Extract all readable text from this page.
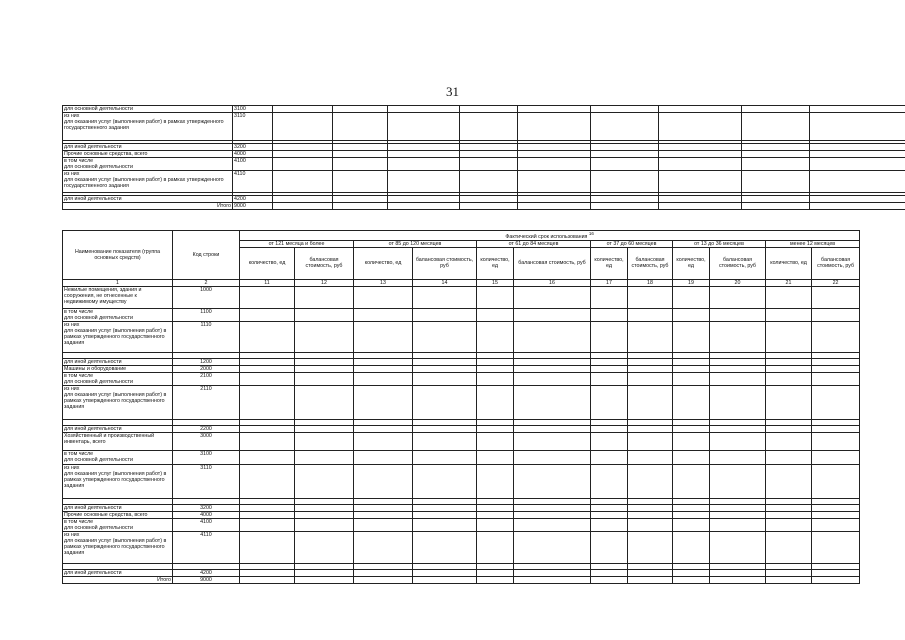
31
для основной деятельности	3100									
из них
для оказания услуг (выполнения работ) в рамках утвержденного государственного задания	3110									

для иной деятельности	3200									
Прочие основные средства, всего	4000									
в том числе
для основной деятельности	4100									
из них
для оказания услуг (выполнения работ) в рамках утвержденного государственного задания	4110									

для иной деятельности	4200									
Итого	9000									
Наименование показателя (группа основных средств)	Код строки	Фактический срок использования $^{16}$
		от 121 месяца и более		от 85 до 120 месяцев		от 61 до 84 месяцев		от 37 до 60 месяцев		от 13 до 36 месяцев		менее 12 месяцев	
		количество, ед	балансовая стоимость, руб	количество, ед	балансовая стоимость, руб	количество, ед	балансовая стоимость, руб	количество, ед	балансовая стоимость, руб	количество, ед	балансовая стоимость, руб	количество, ед	балансовая стоимость, руб
1	2	11	12	13	14	15	16	17	18	19	20	21	22
Нежилые помещения, здания и сооружения, не отнесенные к недвижимому имуществу	1000												
в том числе
для основной деятельности	1100												
из них
для оказания услуг (выполнения работ) в рамках утвержденного государственного задания	1110												

для иной деятельности	1200												
Машины и оборудование	2000												
в том числе
для основной деятельности	2100												
из них
для оказания услуг (выполнения работ) в рамках утвержденного государственного задания	2110												

для иной деятельности	2200												
Хозяйственный и производственный инвентарь, всего	3000												
в том числе
для основной деятельности	3100												
из них
для оказания услуг (выполнения работ) в рамках утвержденного государственного задания	3110												

для иной деятельности	3200												
Прочие основные средства, всего	4000												
в том числе
для основной деятельности	4100												
из них
для оказания услуг (выполнения работ) в рамках утвержденного государственного задания	4110												

для иной деятельности	4200												
Итого	9000												
